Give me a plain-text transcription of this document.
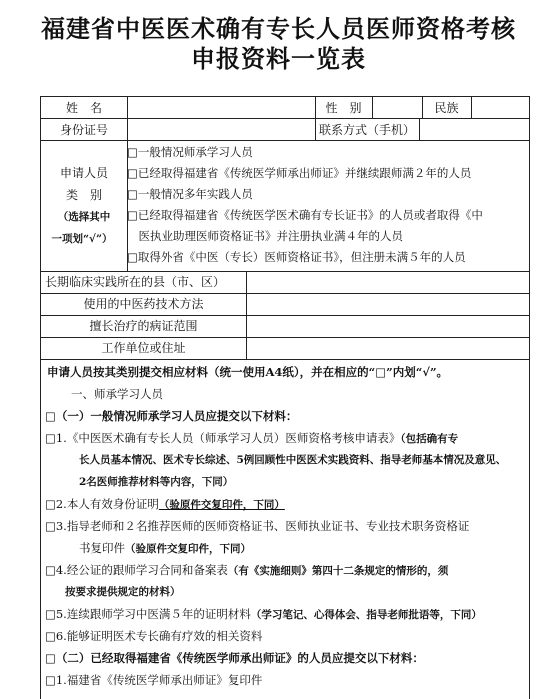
福建省中医医术确有专长人员医师资格考核
申报资料一览表
姓　名	性　别	民族
身份证号	联系方式（手机）
申请人员
类　别
（选择其中
一项划“√”）
□一般情况师承学习人员
□已经取得福建省《传统医学师承出师证》并继续跟师满２年的人员
□一般情况多年实践人员
□已经取得福建省《传统医学医术确有专长证书》的人员或者取得《中
　医执业助理医师资格证书》并注册执业满４年的人员
□取得外省《中医（专长）医师资格证书》，但注册未满５年的人员
长期临床实践所在的县（市、区）
使用的中医药技术方法
擅长治疗的病证范围
工作单位或住址
申请人员按其类别提交相应材料（统一使用A4纸），并在相应的“□”内划“√”。
一、师承学习人员
□（一）一般情况师承学习人员应提交以下材料：
□1.《中医医术确有专长人员（师承学习人员）医师资格考核申请表》（包括确有专
长人员基本情况、医术专长综述、5例回顾性中医医术实践资料、指导老师基本情况及意见、
2名医师推荐材料等内容，下同）
□2.本人有效身份证明（验原件交复印件，下同）
□3.指导老师和２名推荐医师的医师资格证书、医师执业证书、专业技术职务资格证
书复印件（验原件交复印件，下同）
□4.经公证的跟师学习合同和备案表（有《实施细则》第四十二条规定的情形的，须
按要求提供规定的材料）
□5.连续跟师学习中医满５年的证明材料（学习笔记、心得体会、指导老师批语等，下同）
□6.能够证明医术专长确有疗效的相关资料
□（二）已经取得福建省《传统医学师承出师证》的人员应提交以下材料：
□1.福建省《传统医学师承出师证》复印件
